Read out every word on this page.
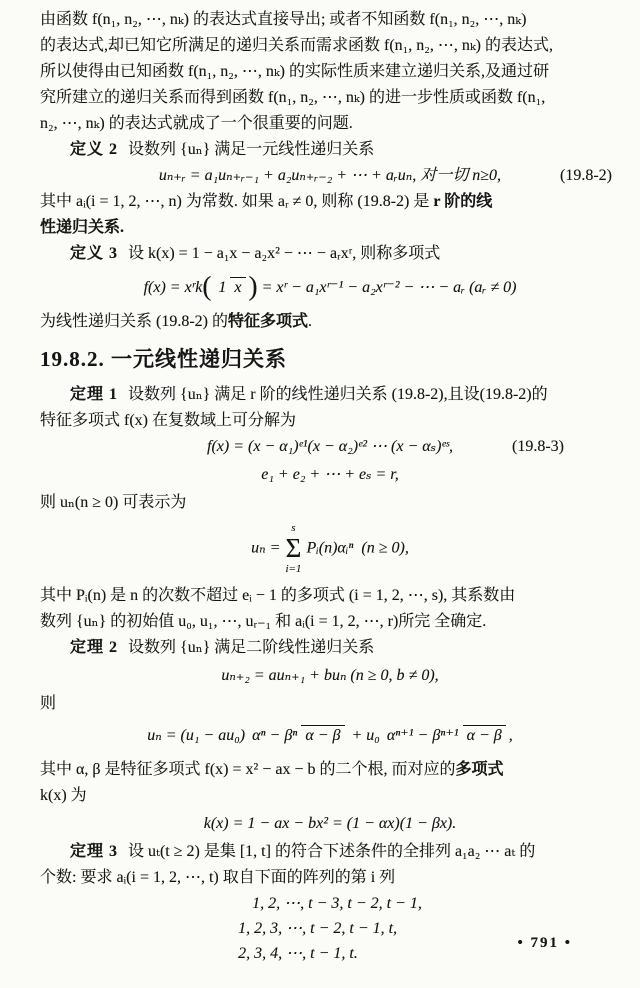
由函数 f(n₁, n₂, ⋯, nₖ) 的表达式直接导出; 或者不知函数 f(n₁, n₂, ⋯, nₖ)
的表达式,却已知它所满足的递归关系而需求函数 f(n₁, n₂, ⋯, nₖ) 的表达式,
所以使得由已知函数 f(n₁, n₂, ⋯, nₖ) 的实际性质来建立递归关系,及通过研
究所建立的递归关系而得到函数 f(n₁, n₂, ⋯, nₖ) 的进一步性质或函数 f(n₁,
n₂, ⋯, nₖ) 的表达式就成了一个很重要的问题.
定义 2 设数列 {uₙ} 满足一元线性递归关系
uₙ₊ᵣ = a₁uₙ₊ᵣ₋₁ + a₂uₙ₊ᵣ₋₂ + ⋯ + aᵣuₙ, 对一切 n≥0,	(19.8-2)
其中 aᵢ(i = 1, 2, ⋯, n) 为常数. 如果 aᵣ ≠ 0, 则称 (19.8-2) 是 r 阶的线
性递归关系.
定义 3 设 k(x) = 1 − a₁x − a₂x² − ⋯ − aᵣxʳ, 则称多项式
f(x) = xʳk( 1 x ) = xʳ − a₁xʳ⁻¹ − a₂xʳ⁻² − ⋯ − aᵣ (aᵣ ≠ 0)
为线性递归关系 (19.8-2) 的特征多项式.
19.8.2. 一元线性递归关系
定理 1 设数列 {uₙ} 满足 r 阶的线性递归关系 (19.8-2),且设(19.8-2)的
特征多项式 f(x) 在复数域上可分解为
f(x) = (x − α₁)ᵉ¹(x − α₂)ᵉ² ⋯ (x − αₛ)ᵉˢ,	(19.8-3)
e₁ + e₂ + ⋯ + eₛ = r,
则 uₙ(n ≥ 0) 可表示为
uₙ =
s
Σ
i=1
Pᵢ(n)αᵢⁿ (n ≥ 0),
其中 Pᵢ(n) 是 n 的次数不超过 eᵢ − 1 的多项式 (i = 1, 2, ⋯, s), 其系数由
数列 {uₙ} 的初始值 u₀, u₁, ⋯, uᵣ₋₁ 和 aᵢ(i = 1, 2, ⋯, r)所完 全确定.
定理 2 设数列 {uₙ} 满足二阶线性递归关系
uₙ₊₂ = auₙ₊₁ + buₙ (n ≥ 0, b ≠ 0),
则
uₙ = (u₁ − au₀) αⁿ − βⁿ α − β + u₀ αⁿ⁺¹ − βⁿ⁺¹ α − β ,
其中 α, β 是特征多项式 f(x) = x² − ax − b 的二个根, 而对应的多项式
k(x) 为
k(x) = 1 − ax − bx² = (1 − αx)(1 − βx).
定理 3 设 uₜ(t ≥ 2) 是集 [1, t] 的符合下述条件的全排列 a₁a₂ ⋯ aₜ 的
个数: 要求 aᵢ(i = 1, 2, ⋯, t) 取自下面的阵列的第 i 列
1, 2, ⋯, t − 3, t − 2, t − 1,
1, 2, 3, ⋯, t − 2, t − 1, t,
2, 3, 4, ⋯, t − 1, t.
• 791 •
